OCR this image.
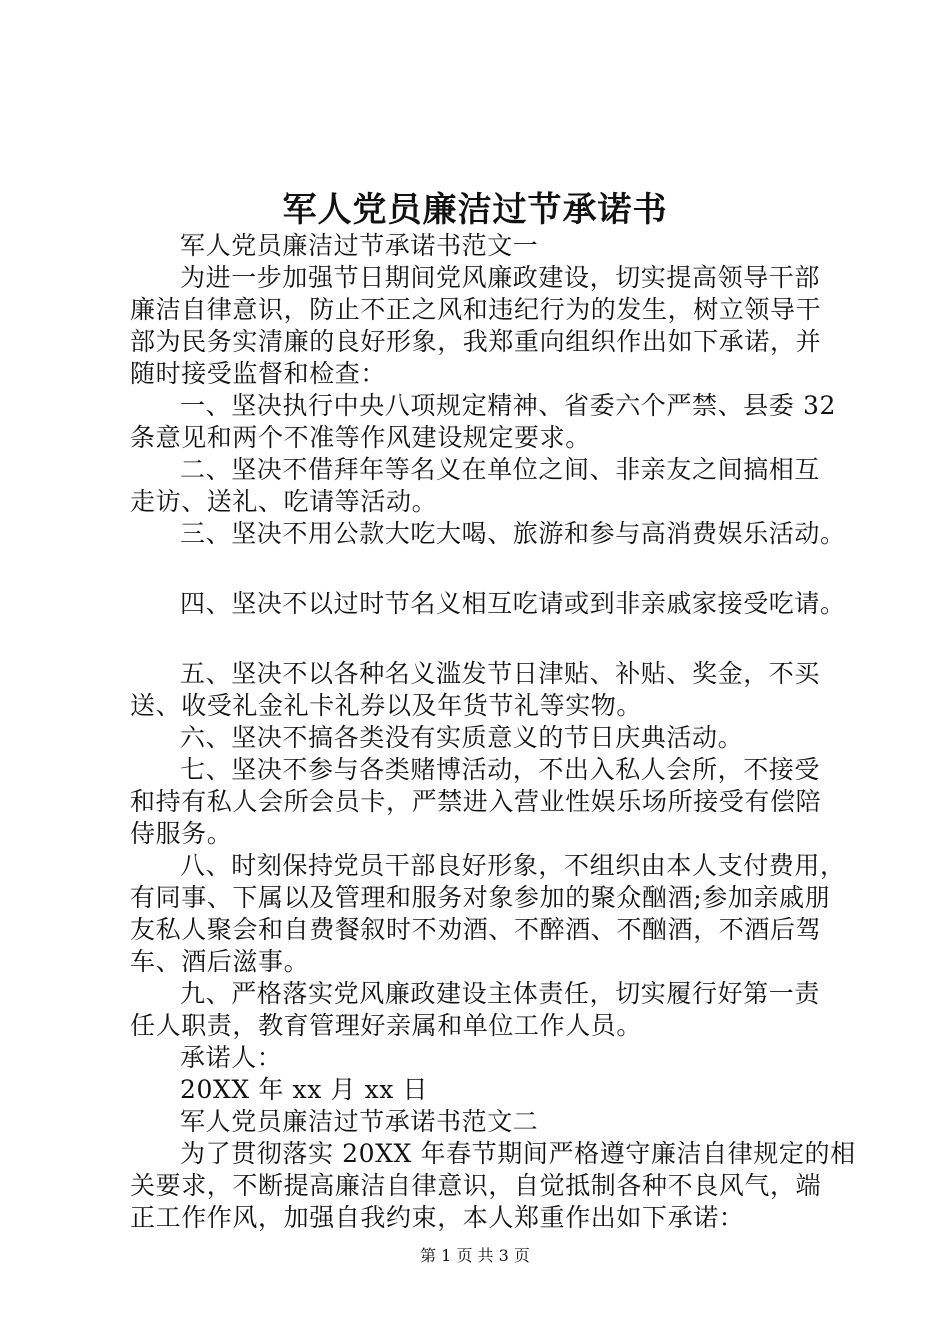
军人党员廉洁过节承诺书

军人党员廉洁过节承诺书范文一

为进一步加强节日期间党风廉政建设，切实提高领导干部

廉洁自律意识，防止不正之风和违纪行为的发生，树立领导干

部为民务实清廉的良好形象，我郑重向组织作出如下承诺，并

随时接受监督和检查：

一、坚决执行中央八项规定精神、省委六个严禁、县委 32

条意见和两个不准等作风建设规定要求。

二、坚决不借拜年等名义在单位之间、非亲友之间搞相互

走访、送礼、吃请等活动。

三、坚决不用公款大吃大喝、旅游和参与高消费娱乐活动。

四、坚决不以过时节名义相互吃请或到非亲戚家接受吃请。

五、坚决不以各种名义滥发节日津贴、补贴、奖金，不买

送、收受礼金礼卡礼券以及年货节礼等实物。

六、坚决不搞各类没有实质意义的节日庆典活动。

七、坚决不参与各类赌博活动，不出入私人会所，不接受

和持有私人会所会员卡，严禁进入营业性娱乐场所接受有偿陪

侍服务。

八、时刻保持党员干部良好形象，不组织由本人支付费用，

有同事、下属以及管理和服务对象参加的聚众酗酒;参加亲戚朋

友私人聚会和自费餐叙时不劝酒、不醉酒、不酗酒，不酒后驾

车、酒后滋事。

九、严格落实党风廉政建设主体责任，切实履行好第一责

任人职责，教育管理好亲属和单位工作人员。

承诺人：

20XX 年 xx 月 xx 日

军人党员廉洁过节承诺书范文二

为了贯彻落实 20XX 年春节期间严格遵守廉洁自律规定的相

关要求，不断提高廉洁自律意识，自觉抵制各种不良风气，端

正工作作风，加强自我约束，本人郑重作出如下承诺：

第 1 页 共 3 页
